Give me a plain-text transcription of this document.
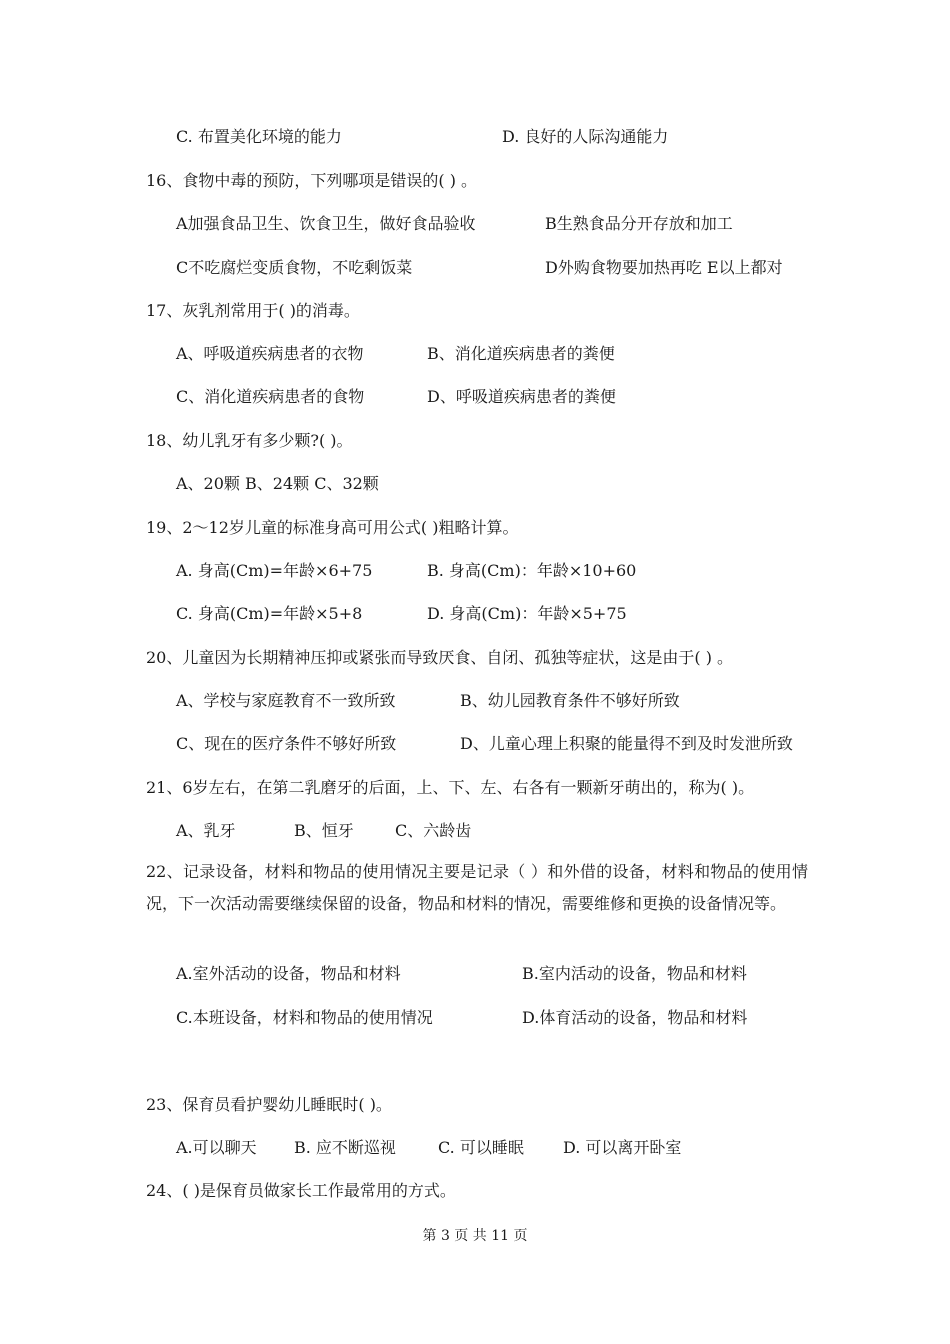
C. 布置美化环境的能力	D. 良好的人际沟通能力
16、食物中毒的预防，下列哪项是错误的( ) 。
A加强食品卫生、饮食卫生，做好食品验收	B生熟食品分开存放和加工
C不吃腐烂变质食物，不吃剩饭菜	D外购食物要加热再吃 E以上都对
17、灰乳剂常用于( )的消毒。
A、呼吸道疾病患者的衣物	B、消化道疾病患者的粪便
C、消化道疾病患者的食物	D、呼吸道疾病患者的粪便
18、幼儿乳牙有多少颗?( )。
A、20颗 B、24颗 C、32颗
19、2～12岁儿童的标准身高可用公式( )粗略计算。
A. 身高(Cm)=年龄×6+75	B. 身高(Cm)：年龄×10+60
C. 身高(Cm)=年龄×5+8	D. 身高(Cm)：年龄×5+75
20、儿童因为长期精神压抑或紧张而导致厌食、自闭、孤独等症状，这是由于( ) 。
A、学校与家庭教育不一致所致	B、幼儿园教育条件不够好所致
C、现在的医疗条件不够好所致	D、儿童心理上积聚的能量得不到及时发泄所致
21、6岁左右，在第二乳磨牙的后面，上、下、左、右各有一颗新牙萌出的，称为( )。
A、乳牙	B、恒牙	C、六龄齿
22、记录设备，材料和物品的使用情况主要是记录（ ）和外借的设备，材料和物品的使用情况，下一次活动需要继续保留的设备，物品和材料的情况，需要维修和更换的设备情况等。
A.室外活动的设备，物品和材料	B.室内活动的设备，物品和材料
C.本班设备，材料和物品的使用情况	D.体育活动的设备，物品和材料
23、保育员看护婴幼儿睡眠时( )。
A.可以聊天 B. 应不断巡视	C. 可以睡眠 D. 可以离开卧室
24、( )是保育员做家长工作最常用的方式。
第 3 页 共 11 页
